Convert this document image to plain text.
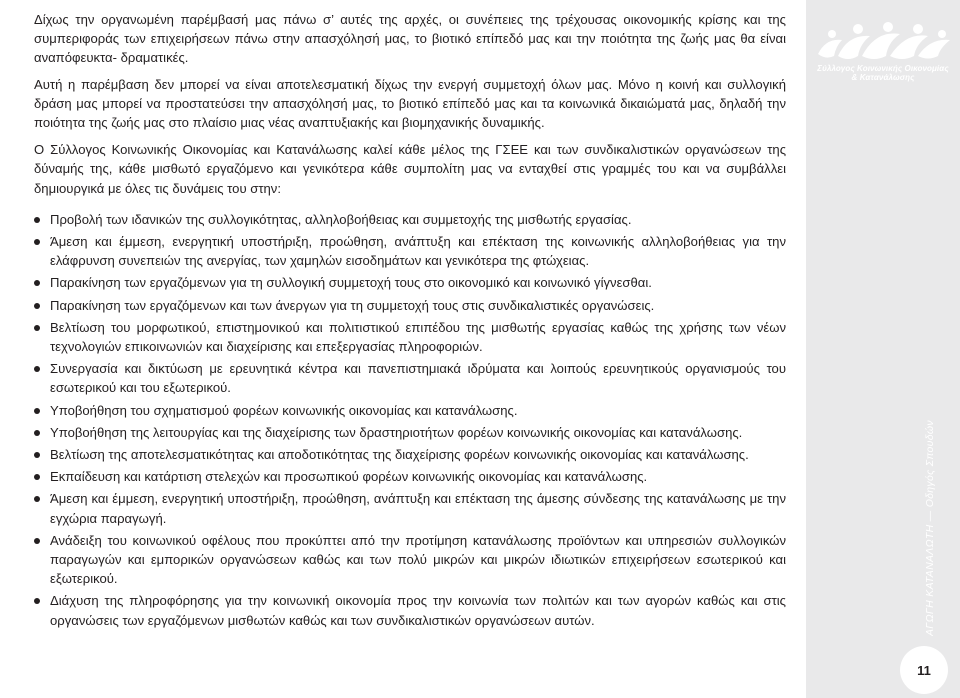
Δίχως την οργανωμένη παρέμβασή μας πάνω σ’ αυτές της αρχές, οι συνέπειες της τρέχουσας οικονομικής κρίσης και της συμπεριφοράς των επιχειρήσεων πάνω στην απασχόλησή μας, το βιοτικό επίπεδό μας και την ποιότητα της ζωής μας θα είναι αναπόφευκτα- δραματικές.

Αυτή η παρέμβαση δεν μπορεί να είναι αποτελεσματική δίχως την ενεργή συμμετοχή όλων μας. Μόνο η κοινή και συλλογική δράση μας μπορεί να προστατεύσει την απασχόλησή μας, το βιοτικό επίπεδό μας και τα κοινωνικά δικαιώματά μας, δηλαδή την ποιότητα της ζωής μας στο πλαίσιο μιας νέας αναπτυξιακής και βιομηχανικής δυναμικής.

Ο Σύλλογος Κοινωνικής Οικονομίας και Κατανάλωσης καλεί κάθε μέλος της ΓΣΕΕ και των συνδικαλιστικών οργανώσεων της δύναμής της, κάθε μισθωτό εργαζόμενο και γενικότερα κάθε συμπολίτη μας να ενταχθεί στις γραμμές του και να συμβάλλει δημιουργικά με όλες τις δυνάμεις του στην:

Προβολή των ιδανικών της συλλογικότητας, αλληλοβοήθειας και συμμετοχής της μισθωτής εργασίας.
Άμεση και έμμεση, ενεργητική υποστήριξη, προώθηση, ανάπτυξη και επέκταση της κοινωνικής αλληλοβοήθειας για την ελάφρυνση συνεπειών της ανεργίας, των χαμηλών εισοδημάτων και γενικότερα της φτώχειας.
Παρακίνηση των εργαζόμενων για τη συλλογική συμμετοχή τους στο οικονομικό και κοινωνικό γίγνεσθαι.
Παρακίνηση των εργαζόμενων και των άνεργων για τη συμμετοχή τους στις συνδικαλιστικές οργανώσεις.
Βελτίωση του μορφωτικού, επιστημονικού και πολιτιστικού επιπέδου της μισθωτής εργασίας καθώς της χρήσης των νέων τεχνολογιών επικοινωνιών και διαχείρισης και επεξεργασίας πληροφοριών.
Συνεργασία και δικτύωση με ερευνητικά κέντρα και πανεπιστημιακά ιδρύματα και λοιπούς ερευνητικούς οργανισμούς του εσωτερικού και του εξωτερικού.
Υποβοήθηση του σχηματισμού φορέων κοινωνικής οικονομίας και κατανάλωσης.
Υποβοήθηση της λειτουργίας και της διαχείρισης των δραστηριοτήτων φορέων κοινωνικής οικονομίας και κατανάλωσης.
Βελτίωση της αποτελεσματικότητας και αποδοτικότητας της διαχείρισης φορέων κοινωνικής οικονομίας και κατανάλωσης.
Εκπαίδευση και κατάρτιση στελεχών και προσωπικού φορέων κοινωνικής οικονομίας και κατανάλωσης.
Άμεση και έμμεση, ενεργητική υποστήριξη, προώθηση, ανάπτυξη και επέκταση της άμεσης σύνδεσης της κατανάλωσης με την εγχώρια παραγωγή.
Ανάδειξη του κοινωνικού οφέλους που προκύπτει από την προτίμηση κατανάλωσης προϊόντων και υπηρεσιών συλλογικών παραγωγών και εμπορικών οργανώσεων καθώς και των πολύ μικρών και μικρών ιδιωτικών επιχειρήσεων εσωτερικού και εξωτερικού.
Διάχυση της πληροφόρησης για την κοινωνική οικονομία προς την κοινωνία των πολιτών και των αγορών καθώς και στις οργανώσεις των εργαζόμενων μισθωτών καθώς και των συνδικαλιστικών οργανώσεων αυτών.
Σύλλογος Κοινωνικής Οικονομίας
& Κατανάλωσης
ΑΓΩΓΗ ΚΑΤΑΝΑΛΩΤΗ — Οδηγός Σπουδών
11
